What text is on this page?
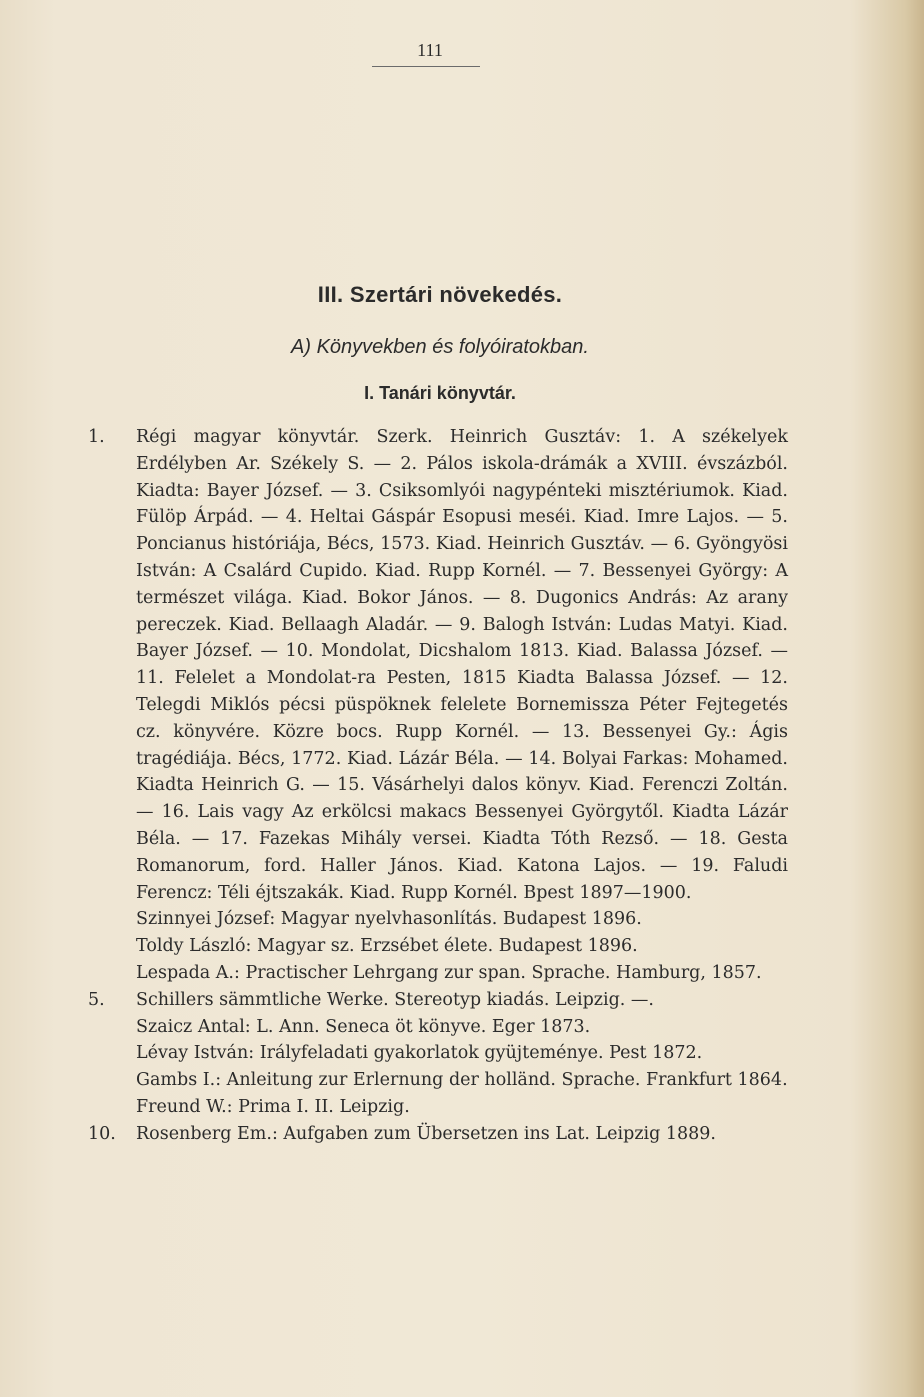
111
III. Szertári növekedés.
A) Könyvekben és folyóiratokban.
I. Tanári könyvtár.
1. Régi magyar könyvtár. Szerk. Heinrich Gusztáv: 1. A székelyek Erdélyben Ar. Székely S. — 2. Pálos iskola-drámák a XVIII. évszázból. Kiadta: Bayer József. — 3. Csiksomlyói nagypénteki misztériumok. Kiad. Fülöp Árpád. — 4. Heltai Gáspár Esopusi meséi. Kiad. Imre Lajos. — 5. Poncianus históriája, Bécs, 1573. Kiad. Heinrich Gusztáv. — 6. Gyöngyösi István: A Csalárd Cupido. Kiad. Rupp Kornél. — 7. Bessenyei György: A természet világa. Kiad. Bokor János. — 8. Dugonics András: Az arany pereczek. Kiad. Bellaagh Aladár. — 9. Balogh István: Ludas Matyi. Kiad. Bayer József. — 10. Mondolat, Dicshalom 1813. Kiad. Balassa József. — 11. Felelet a Mondolat-ra Pesten, 1815 Kiadta Balassa József. — 12. Telegdi Miklós pécsi püspöknek felelete Bornemissza Péter Fejtegetés cz. könyvére. Közre bocs. Rupp Kornél. — 13. Bessenyei Gy.: Ágis tragédiája. Bécs, 1772. Kiad. Lázár Béla. — 14. Bolyai Farkas: Mohamed. Kiadta Heinrich G. — 15. Vásárhelyi dalos könyv. Kiad. Ferenczi Zoltán. — 16. Lais vagy Az erkölcsi makacs Bessenyei Györgytől. Kiadta Lázár Béla. — 17. Fazekas Mihály versei. Kiadta Tóth Rezső. — 18. Gesta Romanorum, ford. Haller János. Kiad. Katona Lajos. — 19. Faludi Ferencz: Téli éjtszakák. Kiad. Rupp Kornél. Bpest 1897—1900.
Szinnyei József: Magyar nyelvhasonlítás. Budapest 1896.
Toldy László: Magyar sz. Erzsébet élete. Budapest 1896.
Lespada A.: Practischer Lehrgang zur span. Sprache. Hamburg, 1857.
5. Schillers sämmtliche Werke. Stereotyp kiadás. Leipzig. —.
Szaicz Antal: L. Ann. Seneca öt könyve. Eger 1873.
Lévay István: Irályfeladati gyakorlatok gyüjteménye. Pest 1872.
Gambs I.: Anleitung zur Erlernung der holländ. Sprache. Frankfurt 1864.
Freund W.: Prima I. II. Leipzig.
10. Rosenberg Em.: Aufgaben zum Übersetzen ins Lat. Leipzig 1889.
